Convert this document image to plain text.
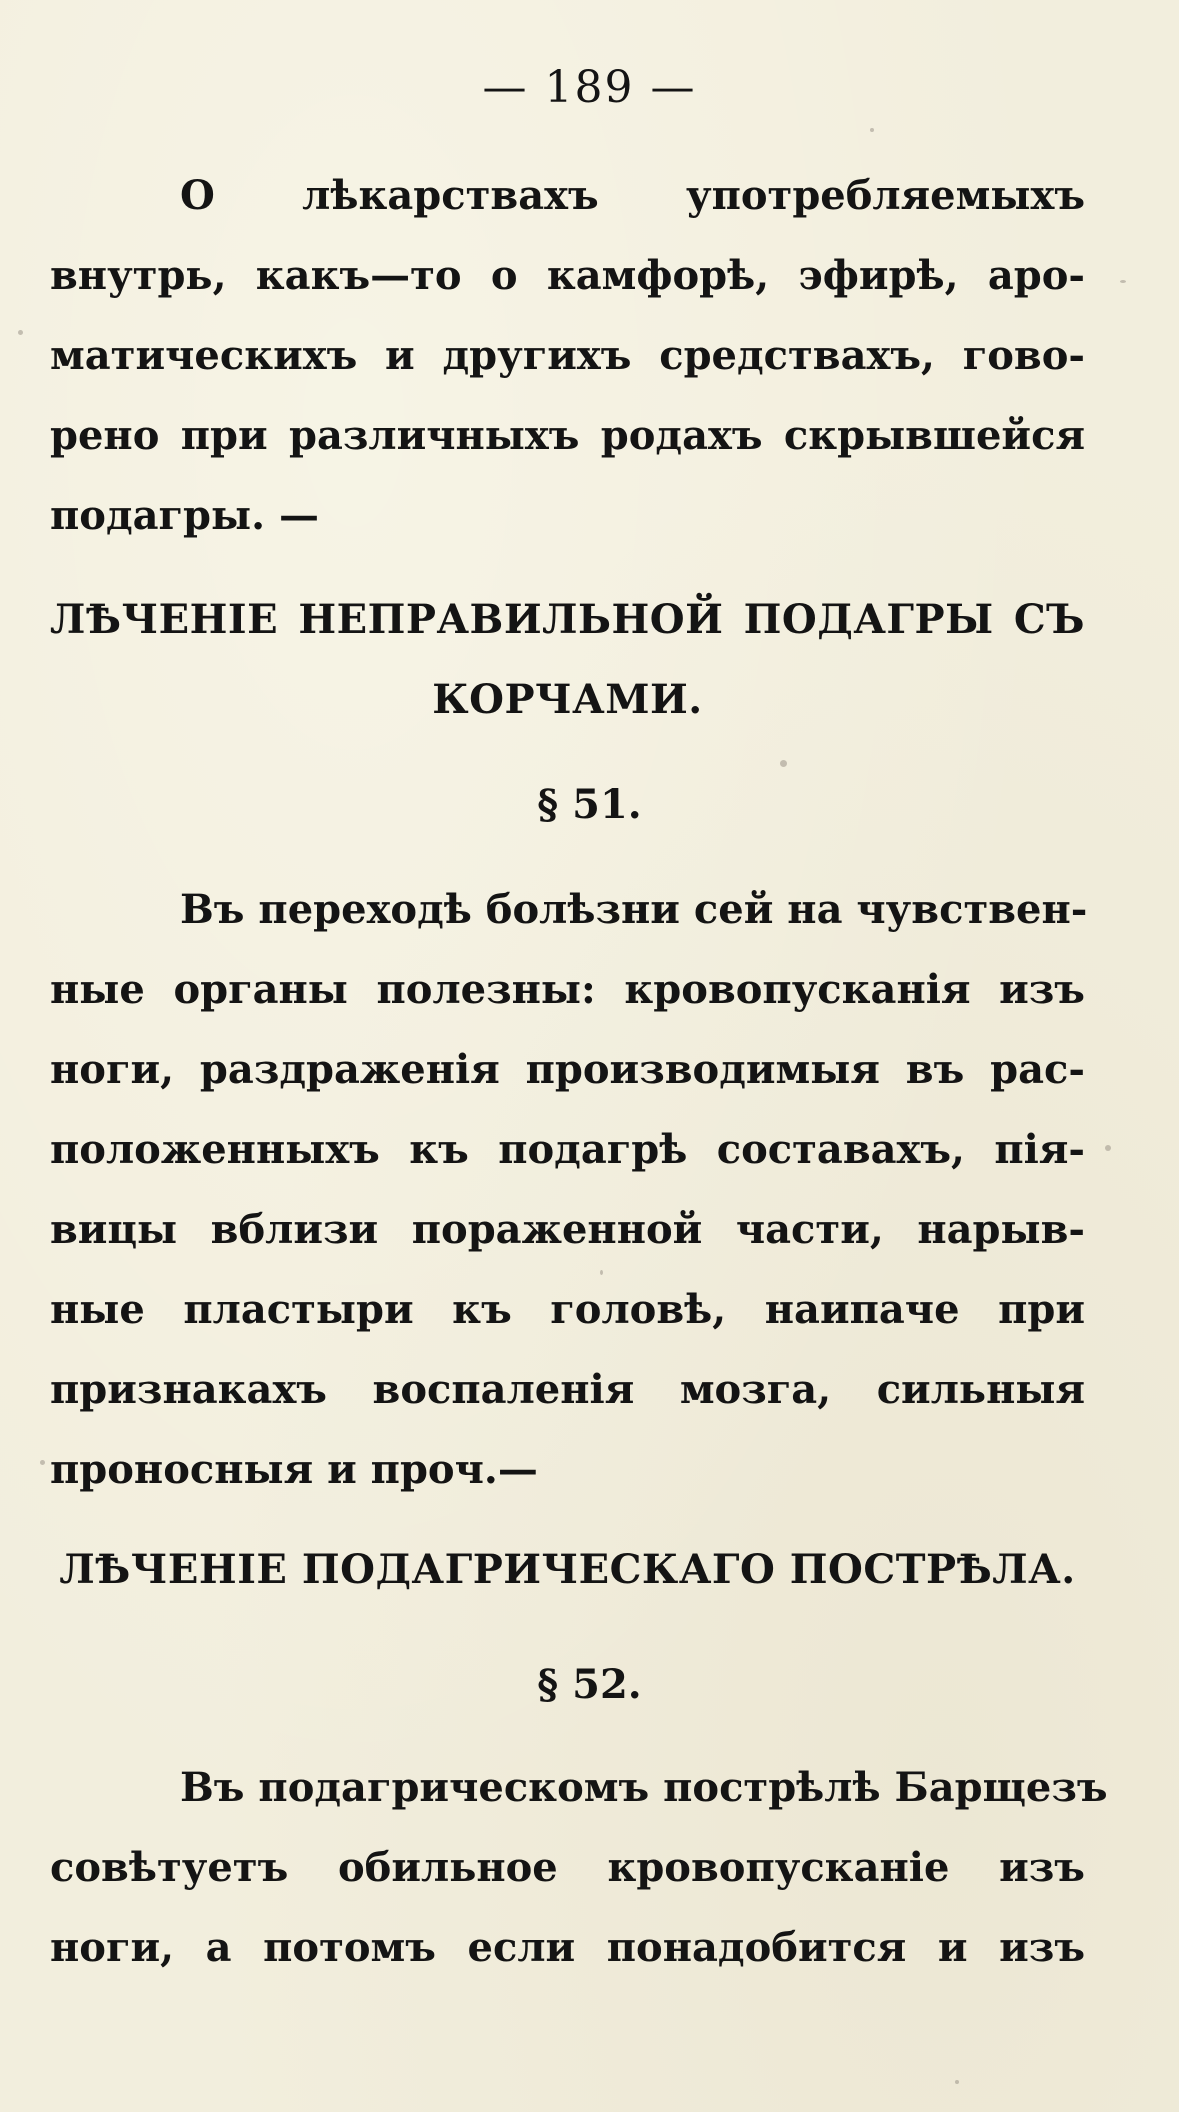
— 189 —
О лѣкарствахъ употребляемыхъ
внутрь, какъ—то о камфорѣ, эфирѣ, аро-
матическихъ и другихъ средствахъ, гово-
рено при различныхъ родахъ скрывшейся
подагры. —
ЛѢЧЕНІЕ НЕПРАВИЛЬНОЙ ПОДАГРЫ СЪ
КОРЧАМИ.
§ 51.
Въ переходѣ болѣзни сей на чувствен-
ные органы полезны: кровопусканія изъ
ноги, раздраженія производимыя въ рас-
положенныхъ къ подагрѣ составахъ, пія-
вицы вблизи пораженной части, нарыв-
ные пластыри къ головѣ, наипаче при
признакахъ воспаленія мозга, сильныя
проносныя и проч.—
ЛѢЧЕНІЕ ПОДАГРИЧЕСКАГО ПОСТРѢЛА.
§ 52.
Въ подагрическомъ пострѣлѣ Барщезъ
совѣтуетъ обильное кровопусканіе изъ
ноги, а потомъ если понадобится и изъ
